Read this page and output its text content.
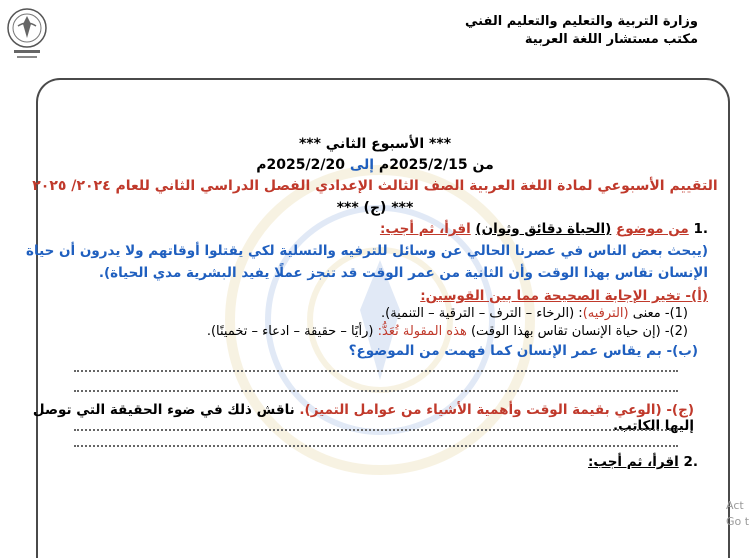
وزارة التربية والتعليم والتعليم الفني
مكتب مستشار اللغة العربية
*** الأسبوع الثاني ***
من 2025/2/15م إلى 2025/2/20م
التقييم الأسبوعي لمادة اللغة العربية الصف الثالث الإعدادي الفصل الدراسي الثاني للعام ٢٠٢٤/ ٢٠٢٥
*** (ج) ***
.1 من موضوع (الحياة دقائق وثوان) اقرأ، ثم أجب:
(يبحث بعض الناس في عصرنا الحالي عن وسائل للترفيه والتسلية لكي يقتلوا أوقاتهم ولا يدرون أن حياة الإنسان تقاس بهذا الوقت وأن الثانية من عمر الوقت قد تنجز عملًا يفيد البشرية مدي الحياة).
(أ)- تخير الإجابة الصحيحة مما بين القوسين:
(1)- معنى (الترفيه): (الرخاء – الترف – الترقية – التنمية).
(2)- (إن حياة الإنسان تقاس بهذا الوقت) هذه المقولة تُعَدُّ: (رأيًا – حقيقة – ادعاء – تخمينًا).
(ب)- بم يقاس عمر الإنسان كما فهمت من الموضوع؟
(ج)- (الوعي بقيمة الوقت وأهمية الأشياء من عوامل التميز). ناقش ذلك في ضوء الحقيقة التي توصل إليها الكاتب.
.2 اقرأ، ثم أجب:
Act
Go t
